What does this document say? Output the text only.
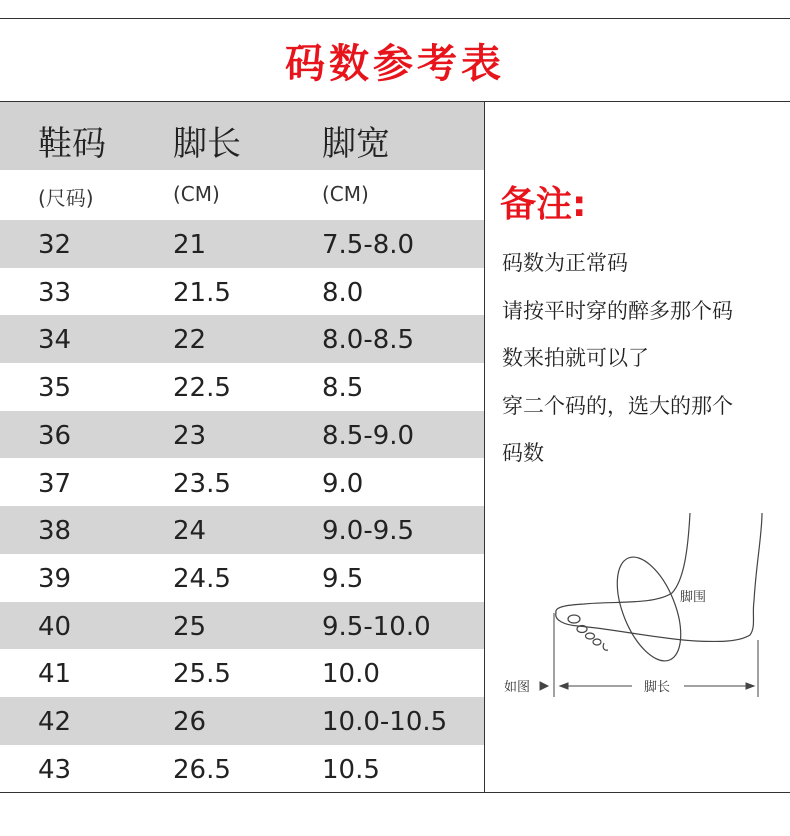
码数参考表
鞋码 脚长 脚宽
(尺码)	(CM)	(CM)
32	21	7.5-8.0
33	21.5	8.0
34	22	8.0-8.5
35	22.5	8.5
36	23	8.5-9.0
37	23.5	9.0
38	24	9.0-9.5
39	24.5	9.5
40	25	9.5-10.0
41	25.5	10.0
42	26	10.0-10.5
43	26.5	10.5
备注:
码数为正常码
请按平时穿的醉多那个码
数来拍就可以了
穿二个码的，选大的那个
码数
脚围
如图	脚长
